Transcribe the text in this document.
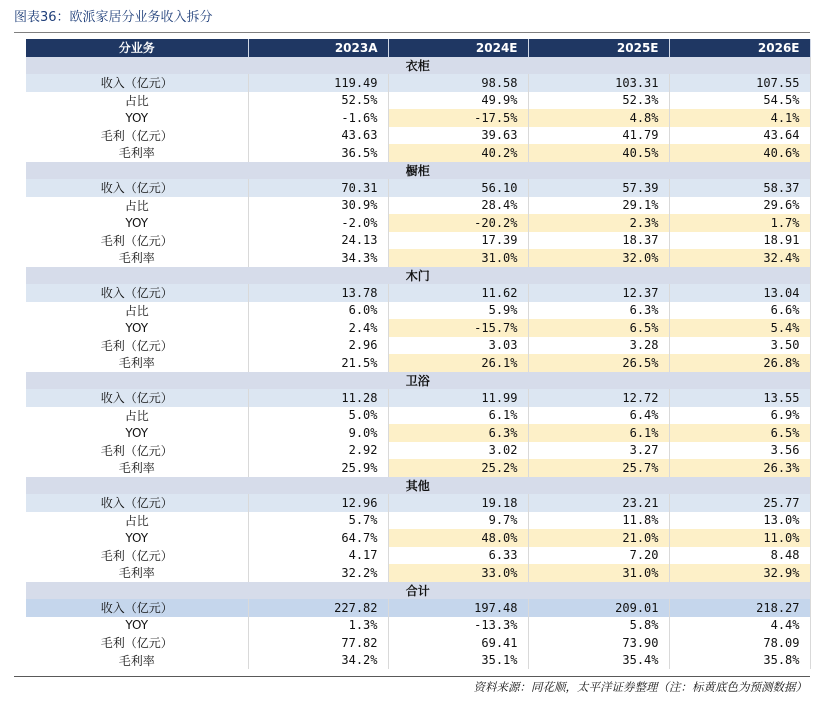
图表36：欧派家居分业务收入拆分
分业务	2023A	2024E	2025E	2026E
衣柜				
收入（亿元）	119.49	98.58	103.31	107.55
占比	52.5%	49.9%	52.3%	54.5%
YOY	-1.6%	-17.5%	4.8%	4.1%
毛利（亿元）	43.63	39.63	41.79	43.64
毛利率	36.5%	40.2%	40.5%	40.6%
橱柜				
收入（亿元）	70.31	56.10	57.39	58.37
占比	30.9%	28.4%	29.1%	29.6%
YOY	-2.0%	-20.2%	2.3%	1.7%
毛利（亿元）	24.13	17.39	18.37	18.91
毛利率	34.3%	31.0%	32.0%	32.4%
木门				
收入（亿元）	13.78	11.62	12.37	13.04
占比	6.0%	5.9%	6.3%	6.6%
YOY	2.4%	-15.7%	6.5%	5.4%
毛利（亿元）	2.96	3.03	3.28	3.50
毛利率	21.5%	26.1%	26.5%	26.8%
卫浴				
收入（亿元）	11.28	11.99	12.72	13.55
占比	5.0%	6.1%	6.4%	6.9%
YOY	9.0%	6.3%	6.1%	6.5%
毛利（亿元）	2.92	3.02	3.27	3.56
毛利率	25.9%	25.2%	25.7%	26.3%
其他				
收入（亿元）	12.96	19.18	23.21	25.77
占比	5.7%	9.7%	11.8%	13.0%
YOY	64.7%	48.0%	21.0%	11.0%
毛利（亿元）	4.17	6.33	7.20	8.48
毛利率	32.2%	33.0%	31.0%	32.9%
合计				
收入（亿元）	227.82	197.48	209.01	218.27
YOY	1.3%	-13.3%	5.8%	4.4%
毛利（亿元）	77.82	69.41	73.90	78.09
毛利率	34.2%	35.1%	35.4%	35.8%
资料来源：同花顺，太平洋证券整理（注：标黄底色为预测数据）
